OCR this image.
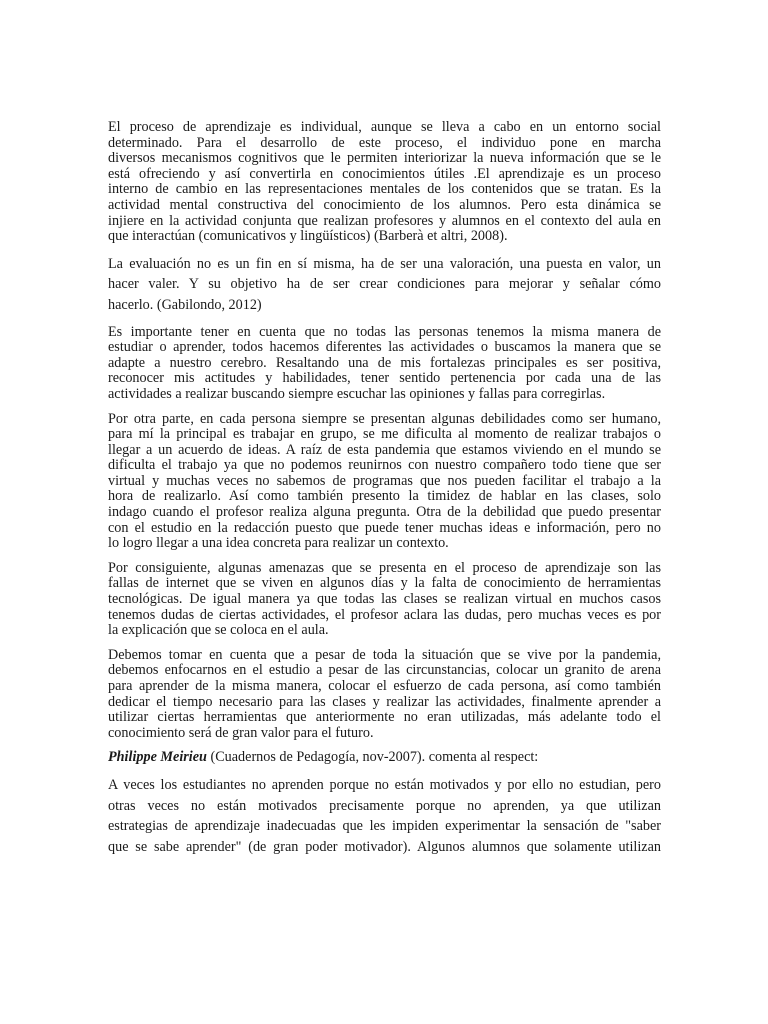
El proceso de aprendizaje es individual, aunque se lleva a cabo en un entorno social
determinado. Para el desarrollo de este proceso, el individuo pone en marcha
diversos mecanismos cognitivos que le permiten interiorizar la nueva información que se le
está ofreciendo y así convertirla en conocimientos útiles .El aprendizaje es un proceso
interno de cambio en las representaciones mentales de los contenidos que se tratan. Es la
actividad mental constructiva del conocimiento de los alumnos. Pero esta dinámica se
injiere en la actividad conjunta que realizan profesores y alumnos en el contexto del aula en
que interactúan (comunicativos y lingüísticos) (Barberà et altri, 2008).
La evaluación no es un fin en sí misma, ha de ser una valoración, una puesta en valor, un
hacer valer. Y su objetivo ha de ser crear condiciones para mejorar y señalar cómo
hacerlo. (Gabilondo, 2012)
Es importante tener en cuenta que no todas las personas tenemos la misma manera de
estudiar o aprender, todos hacemos diferentes las actividades o buscamos la manera que se
adapte a nuestro cerebro. Resaltando una de mis fortalezas principales es ser positiva,
reconocer mis actitudes y habilidades, tener sentido pertenencia por cada una de las
actividades a realizar buscando siempre escuchar las opiniones y fallas para corregirlas.
Por otra parte, en cada persona siempre se presentan algunas debilidades como ser humano,
para mí la principal es trabajar en grupo, se me dificulta al momento de realizar trabajos o
llegar a un acuerdo de ideas. A raíz de esta pandemia que estamos viviendo en el mundo se
dificulta el trabajo ya que no podemos reunirnos con nuestro compañero todo tiene que ser
virtual y muchas veces no sabemos de programas que nos pueden facilitar el trabajo a la
hora de realizarlo. Así como también presento la timidez de hablar en las clases, solo
indago cuando el profesor realiza alguna pregunta. Otra de la debilidad que puedo presentar
con el estudio en la redacción puesto que puede tener muchas ideas e información, pero no
lo logro llegar a una idea concreta para realizar un contexto.
Por consiguiente, algunas amenazas que se presenta en el proceso de aprendizaje son las
fallas de internet que se viven en algunos días y la falta de conocimiento de herramientas
tecnológicas. De igual manera ya que todas las clases se realizan virtual en muchos casos
tenemos dudas de ciertas actividades, el profesor aclara las dudas, pero muchas veces es por
la explicación que se coloca en el aula.
Debemos tomar en cuenta que a pesar de toda la situación que se vive por la pandemia,
debemos enfocarnos en el estudio a pesar de las circunstancias, colocar un granito de arena
para aprender de la misma manera, colocar el esfuerzo de cada persona, así como también
dedicar el tiempo necesario para las clases y realizar las actividades, finalmente aprender a
utilizar ciertas herramientas que anteriormente no eran utilizadas, más adelante todo el
conocimiento será de gran valor para el futuro.
Philippe Meirieu (Cuadernos de Pedagogía, nov-2007). comenta al respect:
A veces los estudiantes no aprenden porque no están motivados y por ello no estudian, pero
otras veces no están motivados precisamente porque no aprenden, ya que utilizan
estrategias de aprendizaje inadecuadas que les impiden experimentar la sensación de "saber
que se sabe aprender" (de gran poder motivador). Algunos alumnos que solamente utilizan
